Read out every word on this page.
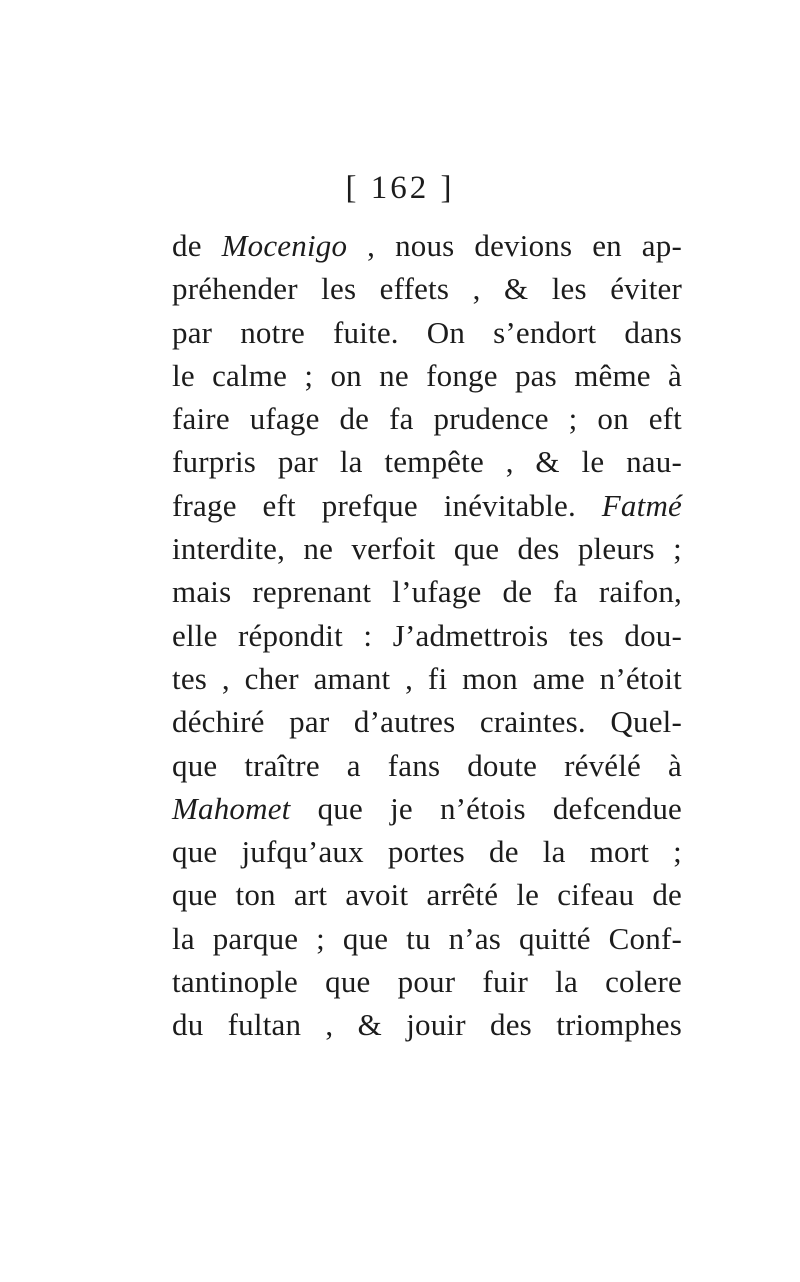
[ 162 ]
de Mocenigo , nous devions en ap-
préhender les effets , & les éviter
par notre fuite. On s’endort dans
le calme ; on ne fonge pas même à
faire ufage de fa prudence ; on eft
furpris par la tempête , & le nau-
frage eft prefque inévitable. Fatmé
interdite, ne verfoit que des pleurs ;
mais reprenant l’ufage de fa raifon,
elle répondit : J’admettrois tes dou-
tes , cher amant , fi mon ame n’étoit
déchiré par d’autres craintes. Quel-
que traître a fans doute révélé à
Mahomet que je n’étois defcendue
que jufqu’aux portes de la mort ;
que ton art avoit arrêté le cifeau de
la parque ; que tu n’as quitté Conf-
tantinople que pour fuir la colere
du fultan , & jouir des triomphes
